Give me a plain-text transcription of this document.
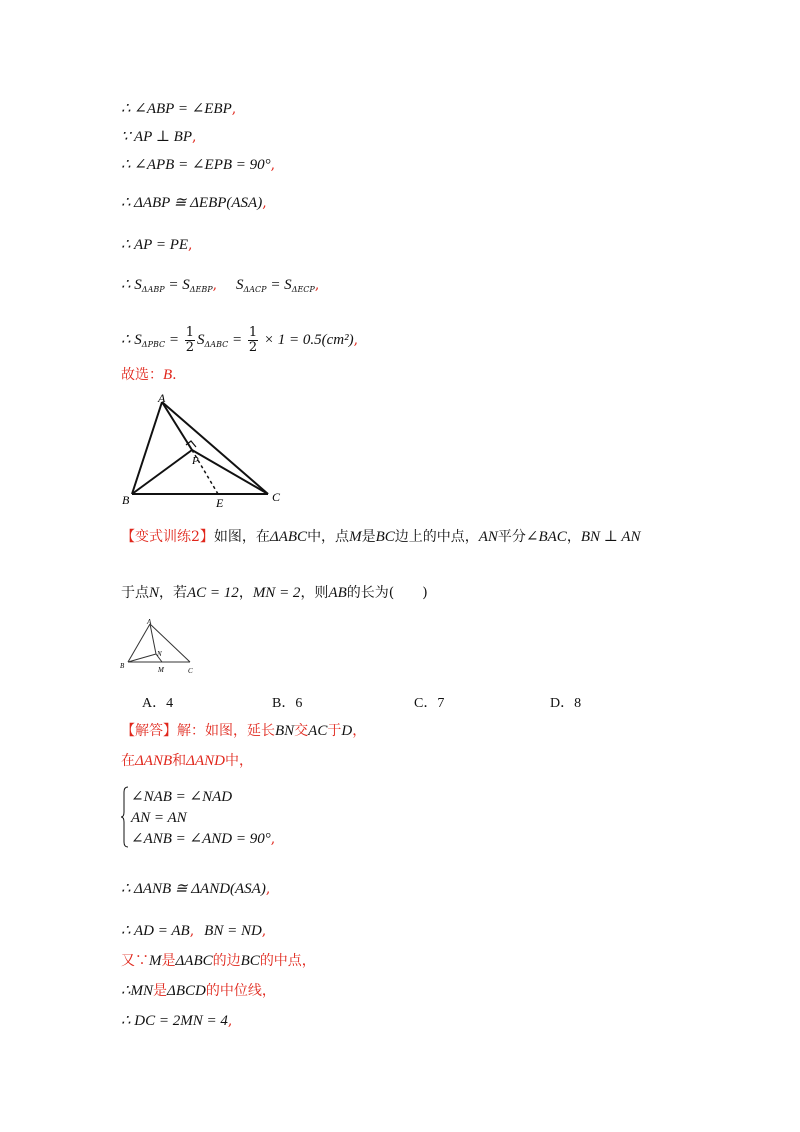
∴ ∠ABP = ∠EBP,
∵ AP ⊥ BP,
∴ ∠APB = ∠EPB = 90°,
∴ ΔABP ≅ ΔEBP(ASA),
∴ AP = PE,
∴ $S_{\Delta ABP} = S_{\Delta EBP}$, $S_{\Delta ACP} = S_{\Delta ECP}$,
∴ $S_{\Delta PBC} = \frac{1}{2} S_{\Delta ABC} = \frac{1}{2} \times 1 = 0.5(cm^2)$,
故选：B.
A
B	C
P
E
【变式训练2】如图，在ΔABC中，点M是BC边上的中点，AN平分∠BAC，BN ⊥ AN
于点N，若AC = 12，MN = 2，则AB的长为(　　)
A
B
C
N
M
A．4	B．6	C．7	D．8
【解答】解：如图，延长BN交AC于D，
在ΔANB和ΔAND中，
∠NAB = ∠NAD
AN = AN
∠ANB = ∠AND = 90°,
∴ ΔANB ≅ ΔAND(ASA),
∴ AD = AB, BN = ND,
又∵M是ΔABC的边BC的中点，
∴MN是ΔBCD的中位线，
∴ DC = 2MN = 4,
